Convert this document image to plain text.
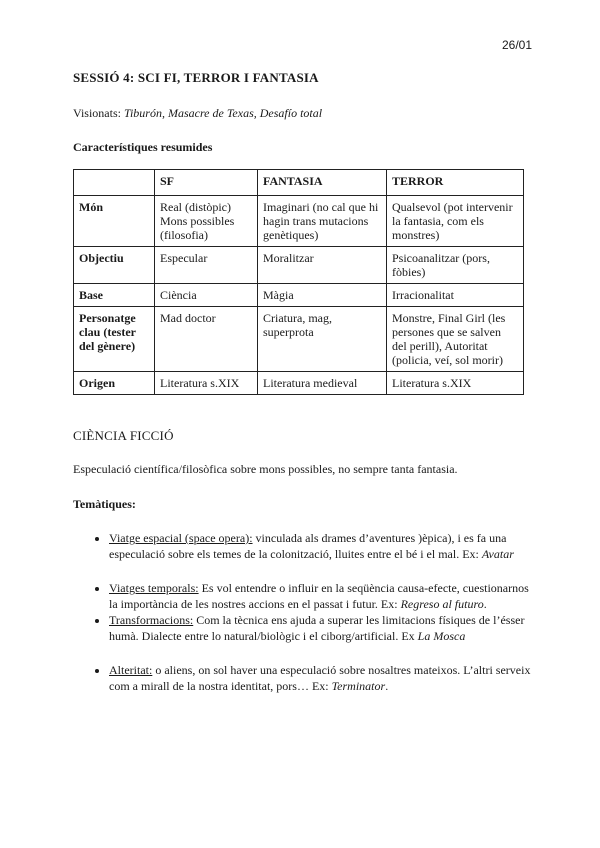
26/01
SESSIÓ 4: SCI FI, TERROR I FANTASIA

Visionats: Tiburón, Masacre de Texas, Desafío total

Característiques resumides
	SF	FANTASIA	TERROR
Món	Real (distòpic) Mons possibles (filosofia)	Imaginari (no cal que hi hagin trans mutacions genètiques)	Qualsevol (pot intervenir la fantasia, com els monstres)
Objectiu	Especular	Moralitzar	Psicoanalitzar (pors, fòbies)
Base	Ciència	Màgia	Irracionalitat
Personatge clau (tester del gènere)	Mad doctor	Criatura, mag, superprota	Monstre, Final Girl (les persones que se salven del perill), Autoritat (policia, veí, sol morir)
Origen	Literatura s.XIX	Literatura medieval	Literatura s.XIX
CIÈNCIA FICCIÓ

Especulació científica/filosòfica sobre mons possibles, no sempre tanta fantasia.

Temàtiques:

• Viatge espacial (space opera): vinculada als drames d’aventures )èpica), i es fa una especulació sobre els temes de la colonització, lluites entre el bé i el mal. Ex: Avatar
• Viatges temporals: Es vol entendre o influir en la seqüència causa-efecte, cuestionarnos la importància de les nostres accions en el passat i futur. Ex: Regreso al futuro.
• Transformacions: Com la tècnica ens ajuda a superar les limitacions físiques de l’ésser humà. Dialecte entre lo natural/biològic i el ciborg/artificial. Ex La Mosca
• Alteritat: o aliens, on sol haver una especulació sobre nosaltres mateixos. L’altri serveix com a mirall de la nostra identitat, pors… Ex: Terminator.
